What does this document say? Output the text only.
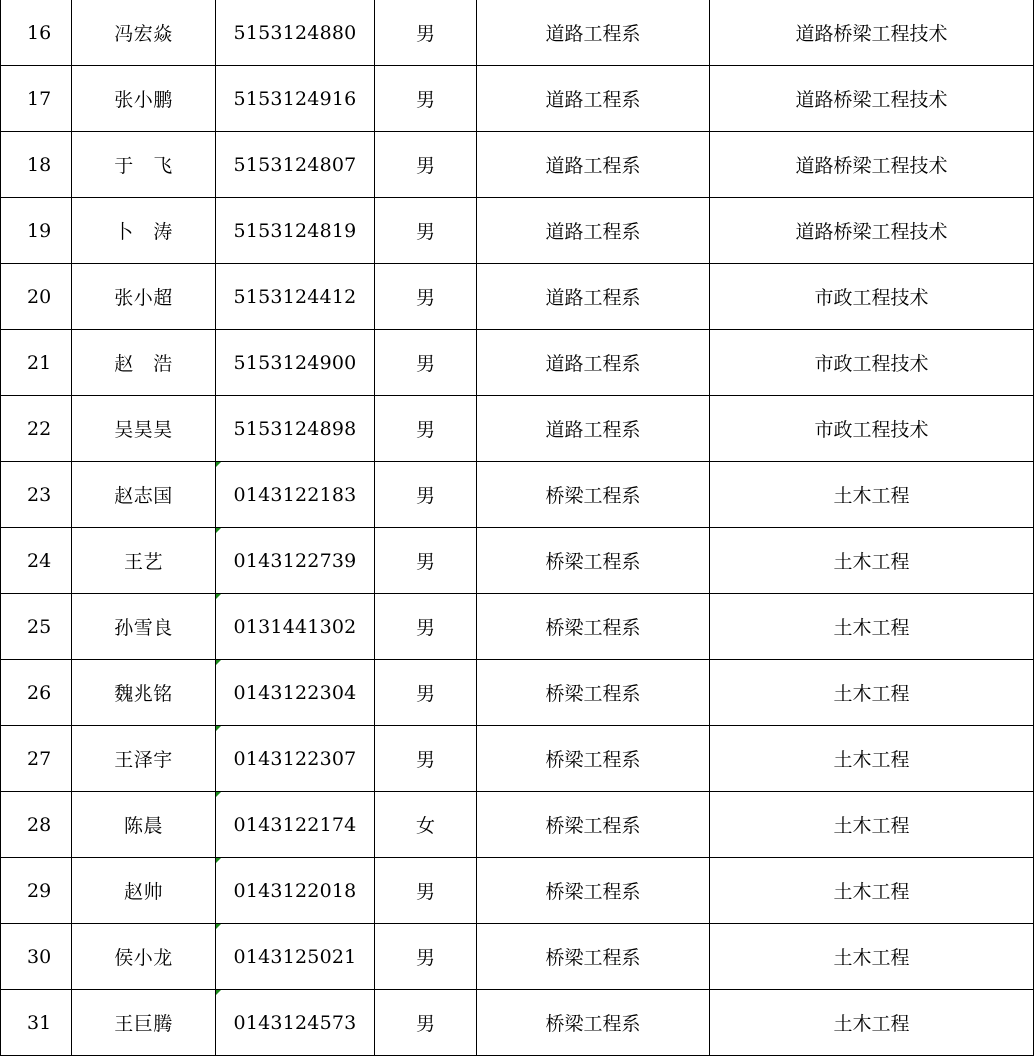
16	冯宏焱	5153124880	男	道路工程系	道路桥梁工程技术
17	张小鹏	5153124916	男	道路工程系	道路桥梁工程技术
18	于　飞	5153124807	男	道路工程系	道路桥梁工程技术
19	卜　涛	5153124819	男	道路工程系	道路桥梁工程技术
20	张小超	5153124412	男	道路工程系	市政工程技术
21	赵　浩	5153124900	男	道路工程系	市政工程技术
22	吴昊昊	5153124898	男	道路工程系	市政工程技术
23	赵志国	0143122183	男	桥梁工程系	土木工程
24	王艺	0143122739	男	桥梁工程系	土木工程
25	孙雪良	0131441302	男	桥梁工程系	土木工程
26	魏兆铭	0143122304	男	桥梁工程系	土木工程
27	王泽宇	0143122307	男	桥梁工程系	土木工程
28	陈晨	0143122174	女	桥梁工程系	土木工程
29	赵帅	0143122018	男	桥梁工程系	土木工程
30	侯小龙	0143125021	男	桥梁工程系	土木工程
31	王巨腾	0143124573	男	桥梁工程系	土木工程
